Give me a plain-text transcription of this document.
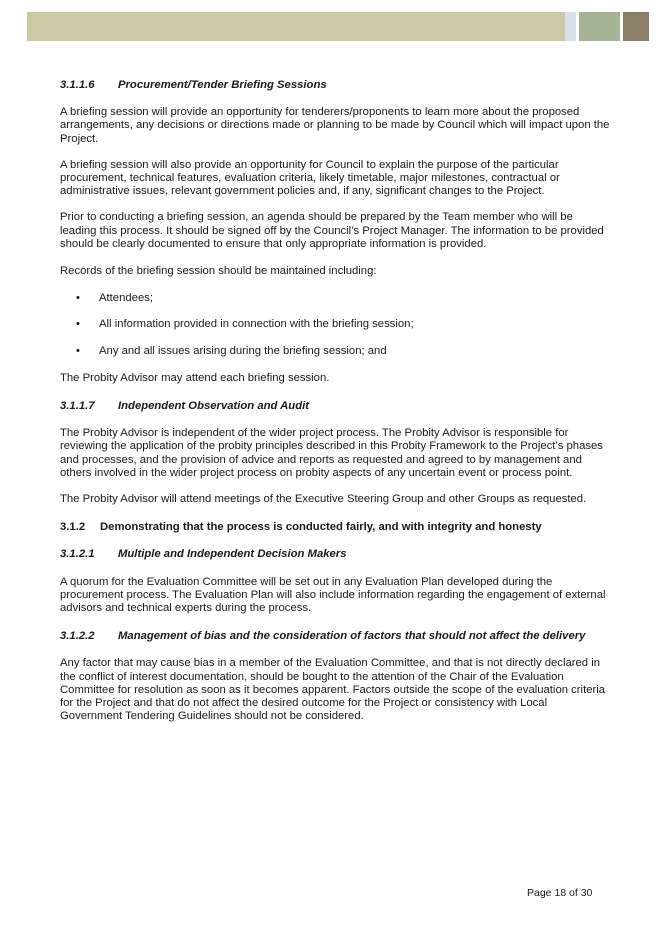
3.1.1.6	Procurement/Tender Briefing Sessions

A briefing session will provide an opportunity for tenderers/proponents to learn more about the proposed arrangements, any decisions or directions made or planning to be made by Council which will impact upon the Project.

A briefing session will also provide an opportunity for Council to explain the purpose of the particular procurement, technical features, evaluation criteria, likely timetable, major milestones, contractual or administrative issues, relevant government policies and, if any, significant changes to the Project.

Prior to conducting a briefing session, an agenda should be prepared by the Team member who will be leading this process. It should be signed off by the Council’s Project Manager. The information to be provided should be clearly documented to ensure that only appropriate information is provided.

Records of the briefing session should be maintained including:

•	Attendees;
•	All information provided in connection with the briefing session;
•	Any and all issues arising during the briefing session; and

The Probity Advisor may attend each briefing session.

3.1.1.7	Independent Observation and Audit

The Probity Advisor is independent of the wider project process. The Probity Advisor is responsible for reviewing the application of the probity principles described in this Probity Framework to the Project’s phases and processes, and the provision of advice and reports as requested and agreed to by management and others involved in the wider project process on probity aspects of any uncertain event or process point.

The Probity Advisor will attend meetings of the Executive Steering Group and other Groups as requested.

3.1.2	Demonstrating that the process is conducted fairly, and with integrity and honesty
3.1.2.1	Multiple and Independent Decision Makers

A quorum for the Evaluation Committee will be set out in any Evaluation Plan developed during the procurement process. The Evaluation Plan will also include information regarding the engagement of external advisors and technical experts during the process.

3.1.2.2	Management of bias and the consideration of factors that should not affect the delivery

Any factor that may cause bias in a member of the Evaluation Committee, and that is not directly declared in the conflict of interest documentation, should be bought to the attention of the Chair of the Evaluation Committee for resolution as soon as it becomes apparent. Factors outside the scope of the evaluation criteria for the Project and that do not affect the desired outcome for the Project or consistency with Local Government Tendering Guidelines should not be considered.

Page 18 of 30
